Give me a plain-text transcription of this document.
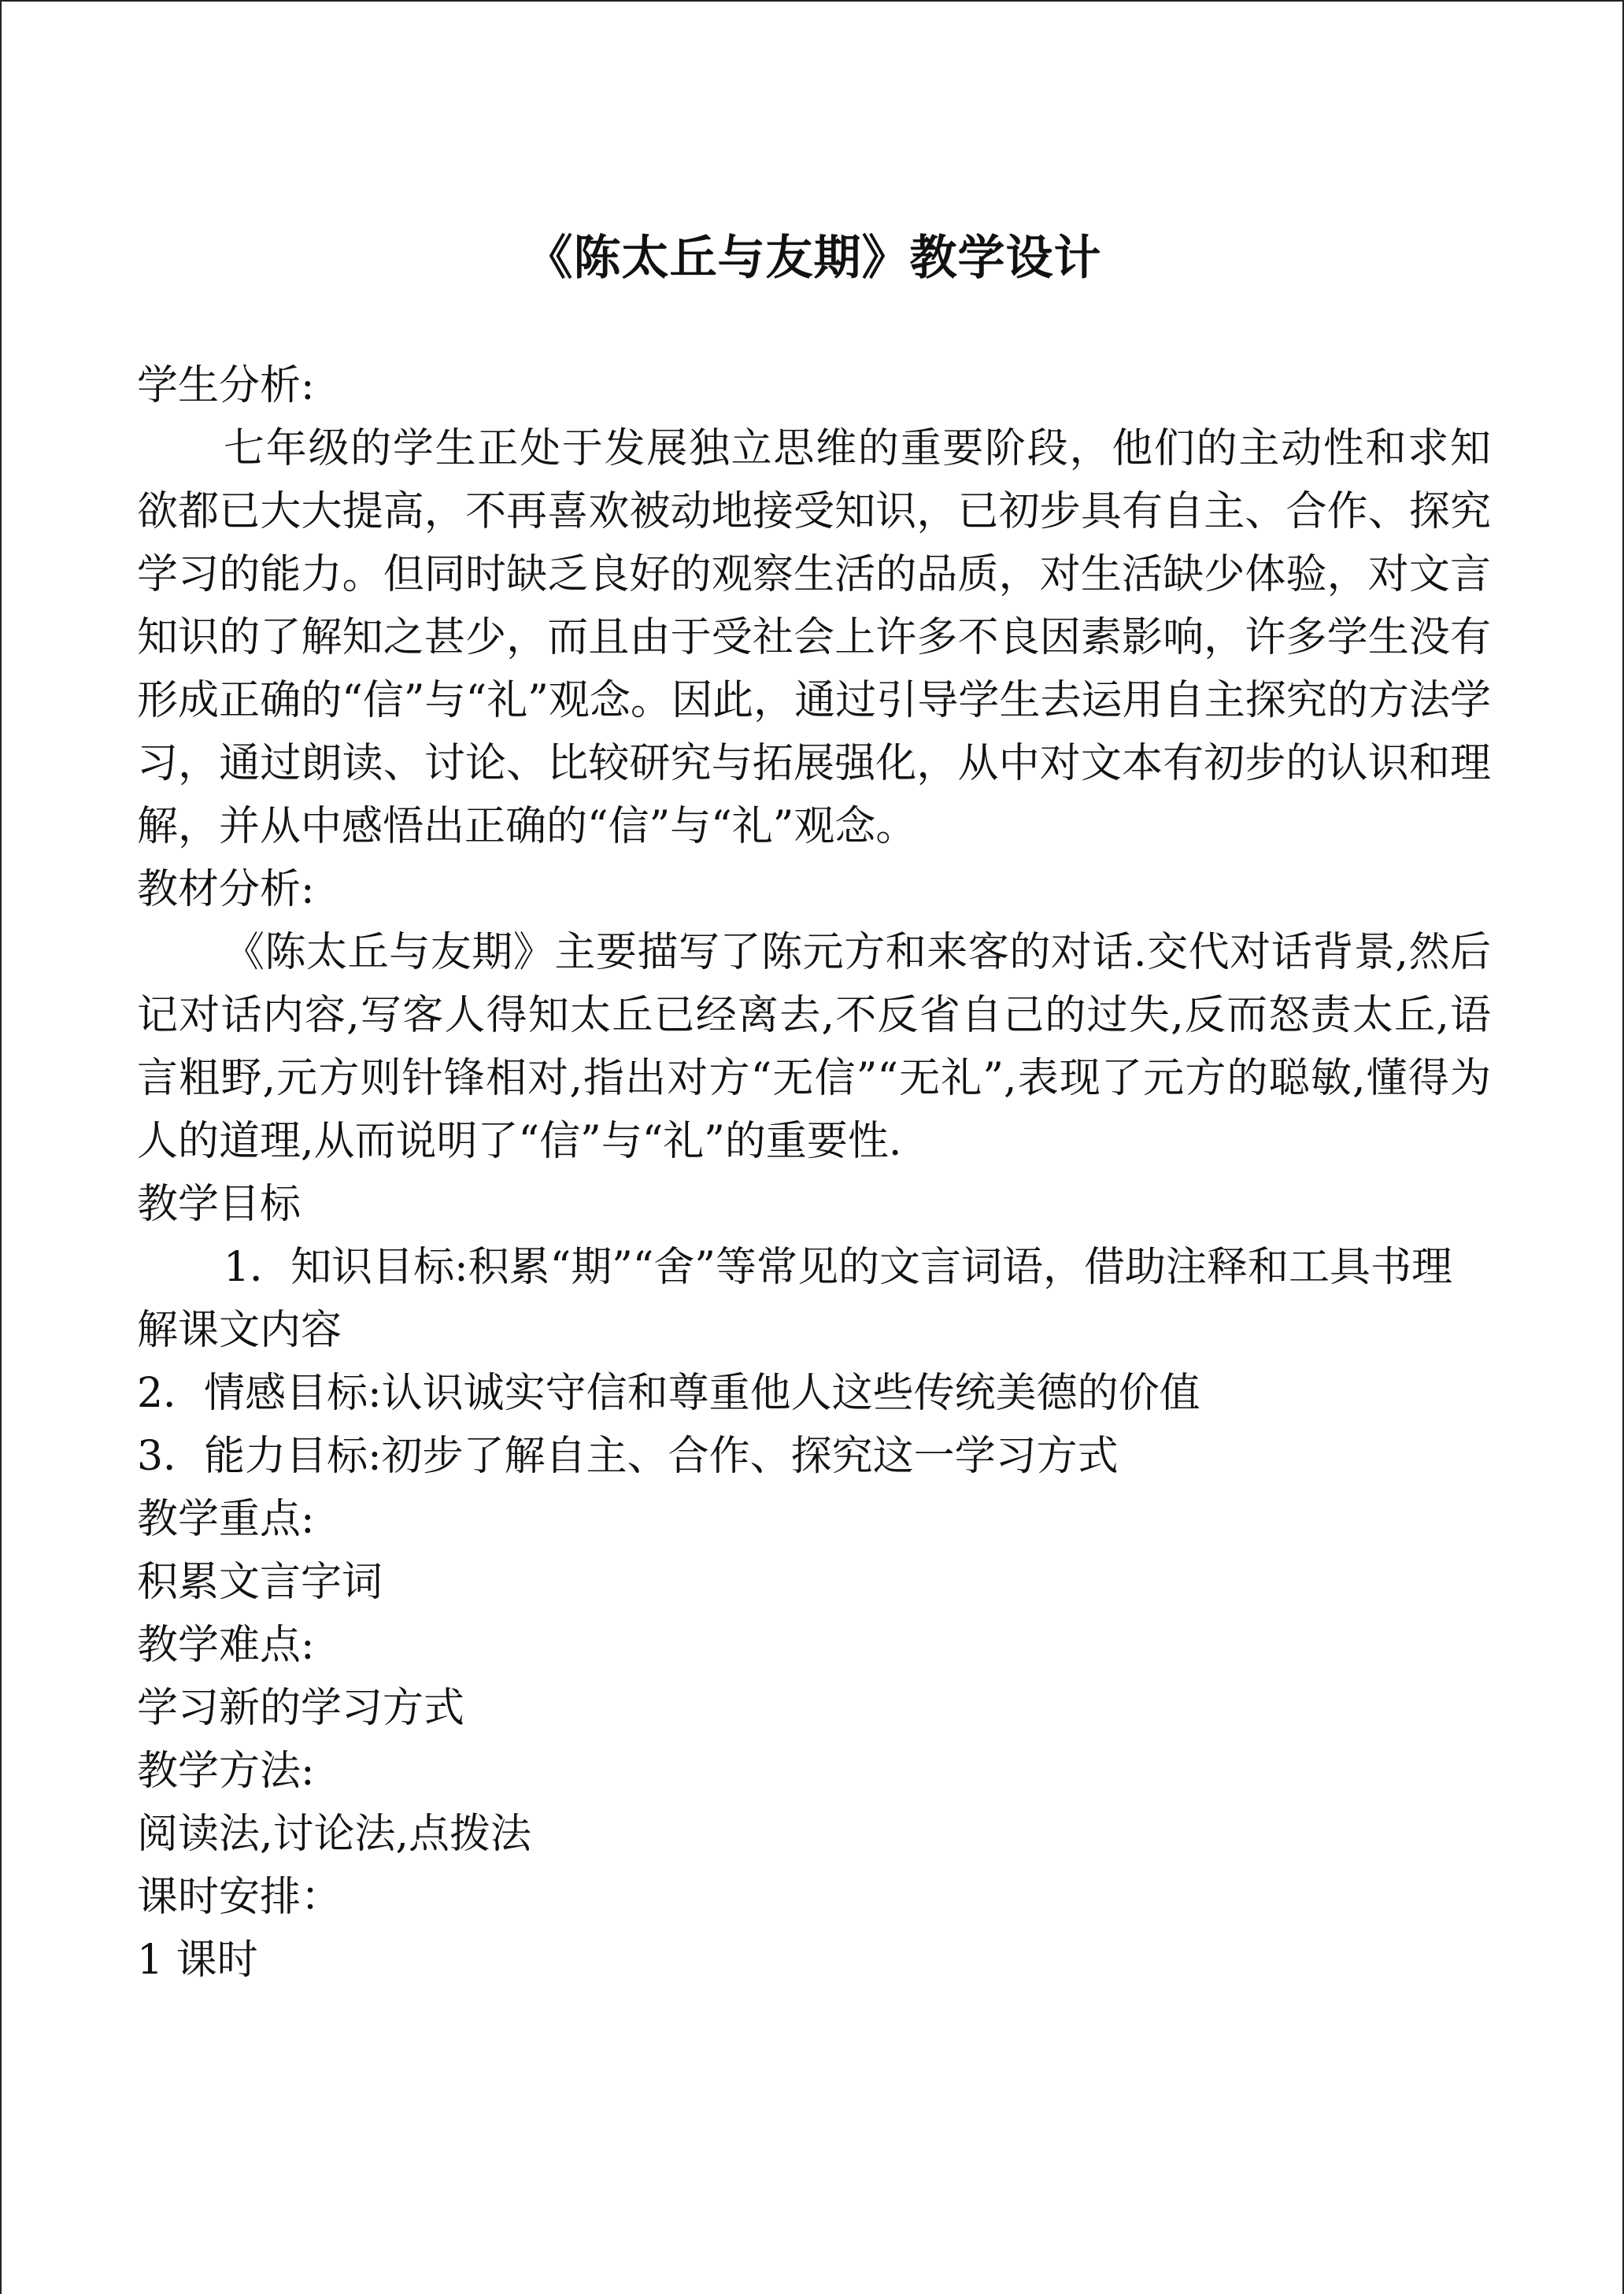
《陈太丘与友期》教学设计

学生分析:

七年级的学生正处于发展独立思维的重要阶段，他们的主动性和求知欲都已大大提高，不再喜欢被动地接受知识，已初步具有自主、合作、探究学习的能力。但同时缺乏良好的观察生活的品质，对生活缺少体验，对文言知识的了解知之甚少，而且由于受社会上许多不良因素影响，许多学生没有形成正确的“信”与“礼”观念。因此，通过引导学生去运用自主探究的方法学习，通过朗读、讨论、比较研究与拓展强化，从中对文本有初步的认识和理解，并从中感悟出正确的“信”与“礼”观念。

教材分析:

《陈太丘与友期》主要描写了陈元方和来客的对话.交代对话背景,然后记对话内容,写客人得知太丘已经离去,不反省自己的过失,反而怒责太丘,语言粗野,元方则针锋相对,指出对方“无信”“无礼”,表现了元方的聪敏,懂得为人的道理,从而说明了“信”与“礼”的重要性.

教学目标

1．知识目标:积累“期”“舍”等常见的文言词语，借助注释和工具书理解课文内容

2．情感目标:认识诚实守信和尊重他人这些传统美德的价值

3．能力目标:初步了解自主、合作、探究这一学习方式

教学重点:

积累文言字词

教学难点:

学习新的学习方式

教学方法:

阅读法,讨论法,点拨法

课时安排：

1 课时
